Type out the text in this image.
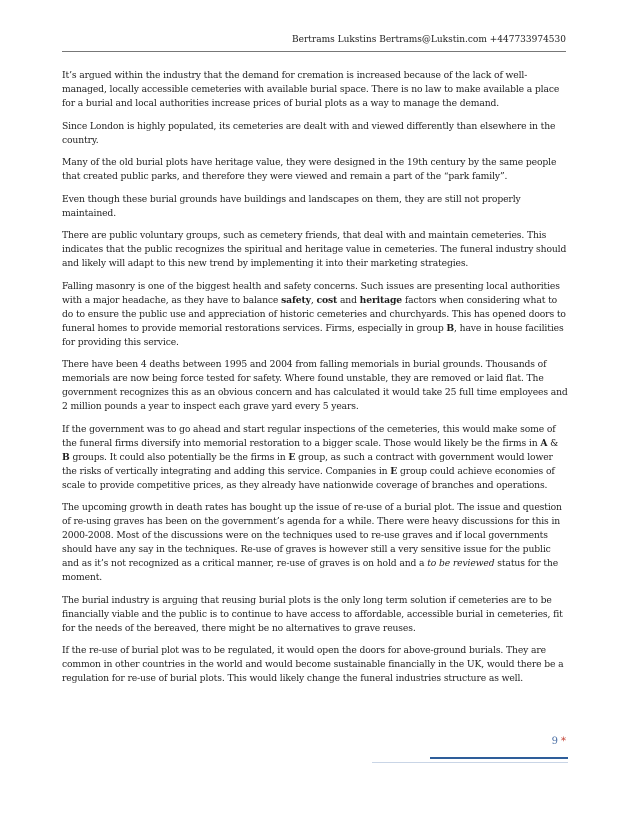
Bertrams Lukstins Bertrams@Lukstin.com +447733974530

It’s argued within the industry that the demand for cremation is increased because of the lack of well-managed, locally accessible cemeteries with available burial space. There is no law to make available a place for a burial and local authorities increase prices of burial plots as a way to manage the demand.

Since London is highly populated, its cemeteries are dealt with and viewed differently than elsewhere in the country.

Many of the old burial plots have heritage value, they were designed in the 19th century by the same people that created public parks, and therefore they were viewed and remain a part of the “park family”.

Even though these burial grounds have buildings and landscapes on them, they are still not properly maintained.

There are public voluntary groups, such as cemetery friends, that deal with and maintain cemeteries. This indicates that the public recognizes the spiritual and heritage value in cemeteries. The funeral industry should and likely will adapt to this new trend by implementing it into their marketing strategies.

Falling masonry is one of the biggest health and safety concerns. Such issues are presenting local authorities with a major headache, as they have to balance safety, cost and heritage factors when considering what to do to ensure the public use and appreciation of historic cemeteries and churchyards. This has opened doors to funeral homes to provide memorial restorations services. Firms, especially in group B, have in house facilities for providing this service.

There have been 4 deaths between 1995 and 2004 from falling memorials in burial grounds. Thousands of memorials are now being force tested for safety. Where found unstable, they are removed or laid flat. The government recognizes this as an obvious concern and has calculated it would take 25 full time employees and 2 million pounds a year to inspect each grave yard every 5 years.

If the government was to go ahead and start regular inspections of the cemeteries, this would make some of the funeral firms diversify into memorial restoration to a bigger scale. Those would likely be the firms in A & B groups. It could also potentially be the firms in E group, as such a contract with government would lower the risks of vertically integrating and adding this service. Companies in E group could achieve economies of scale to provide competitive prices, as they already have nationwide coverage of branches and operations.

The upcoming growth in death rates has bought up the issue of re-use of a burial plot. The issue and question of re-using graves has been on the government’s agenda for a while. There were heavy discussions for this in 2000-2008. Most of the discussions were on the techniques used to re-use graves and if local governments should have any say in the techniques. Re-use of graves is however still a very sensitive issue for the public and as it’s not recognized as a critical manner, re-use of graves is on hold and a to be reviewed status for the moment.

The burial industry is arguing that reusing burial plots is the only long term solution if cemeteries are to be financially viable and the public is to continue to have access to affordable, accessible burial in cemeteries, fit for the needs of the bereaved, there might be no alternatives to grave reuses.

If the re-use of burial plot was to be regulated, it would open the doors for above-ground burials. They are common in other countries in the world and would become sustainable financially in the UK, would there be a regulation for re-use of burial plots. This would likely change the funeral industries structure as well.

9 *
